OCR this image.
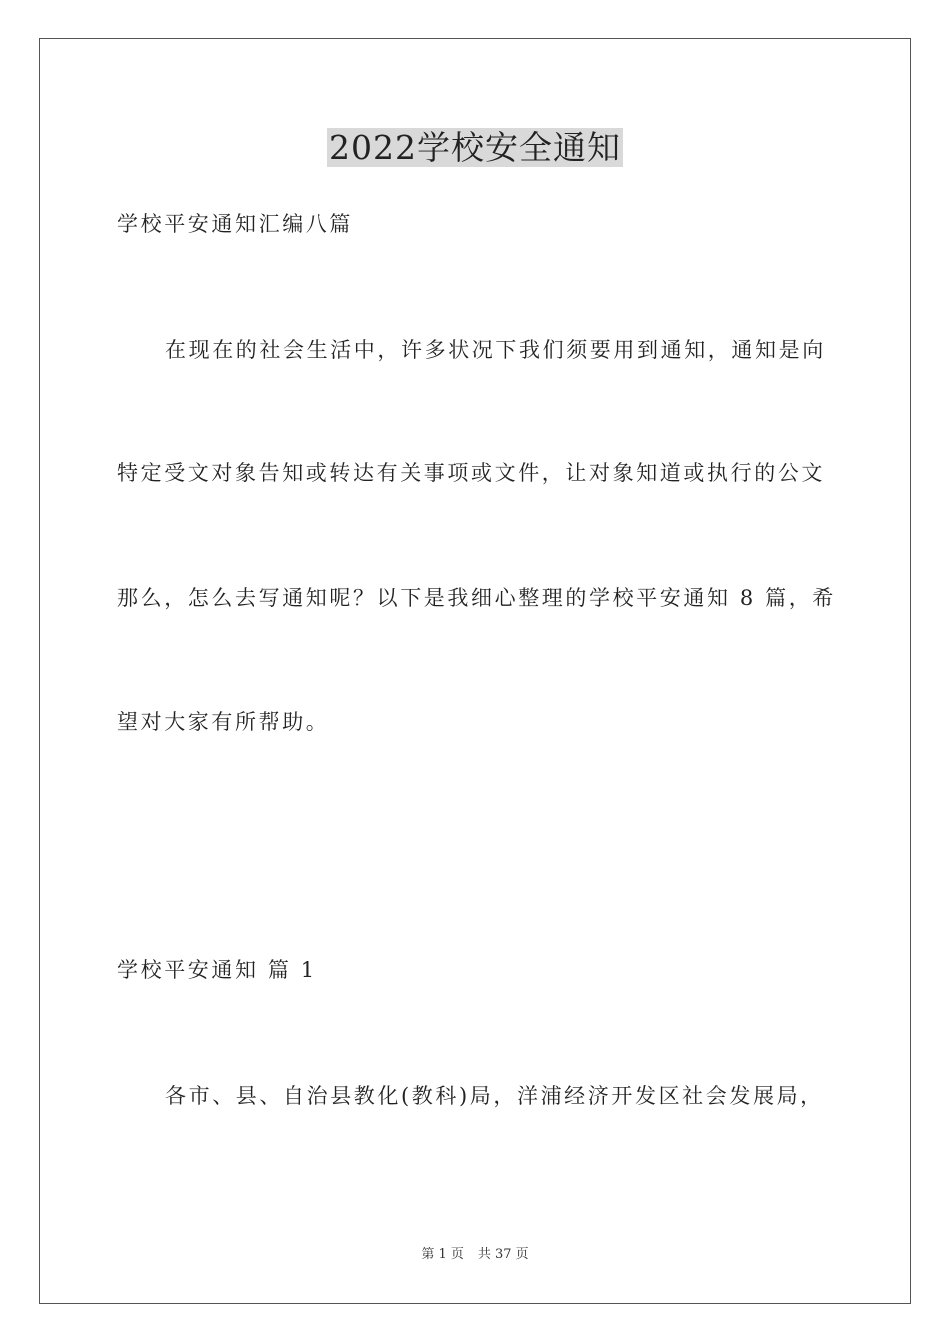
2022学校安全通知

学校平安通知汇编八篇

在现在的社会生活中，许多状况下我们须要用到通知，通知是向

特定受文对象告知或转达有关事项或文件，让对象知道或执行的公文

那么，怎么去写通知呢？以下是我细心整理的学校平安通知 8 篇，希

望对大家有所帮助。

学校平安通知 篇 1

各市、县、自治县教化(教科)局，洋浦经济开发区社会发展局，

第 1 页 共 37 页
